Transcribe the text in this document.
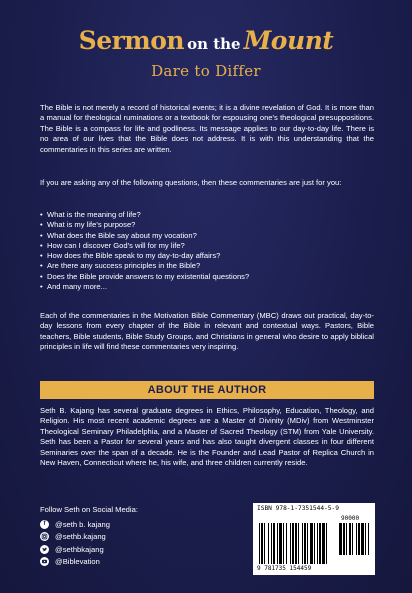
Sermon on the Mount
Dare to Differ

The Bible is not merely a record of historical events; it is a divine revelation of God. It is more than a manual for theological ruminations or a textbook for espousing one's theological presuppositions. The Bible is a compass for life and godliness. Its message applies to our day-to-day life. There is no area of our lives that the Bible does not address. It is with this understanding that the commentaries in this series are written.

If you are asking any of the following questions, then these commentaries are just for you:

• What is the meaning of life?
• What is my life's purpose?
• What does the Bible say about my vocation?
• How can I discover God's will for my life?
• How does the Bible speak to my day-to-day affairs?
• Are there any success principles in the Bible?
• Does the Bible provide answers to my existential questions?
• And many more...

Each of the commentaries in the Motivation Bible Commentary (MBC) draws out practical, day-to-day lessons from every chapter of the Bible in relevant and contextual ways. Pastors, Bible teachers, Bible students, Bible Study Groups, and Christians in general who desire to apply biblical principles in life will find these commentaries very inspiring.

ABOUT THE AUTHOR

Seth B. Kajang has several graduate degrees in Ethics, Philosophy, Education, Theology, and Religion. His most recent academic degrees are a Master of Divinity (MDiv) from Westminster Theological Seminary Philadelphia, and a Master of Sacred Theology (STM) from Yale University. Seth has been a Pastor for several years and has also taught divergent classes in four different Seminaries over the span of a decade. He is the Founder and Lead Pastor of Replica Church in New Haven, Connecticut where he, his wife, and three children currently reside.

Follow Seth on Social Media:
f	@seth b. kajang
@sethb.kajang
@sethbkajang
@Biblevation
ISBN 978-1-7351544-5-9
90000
9 781735 154459
